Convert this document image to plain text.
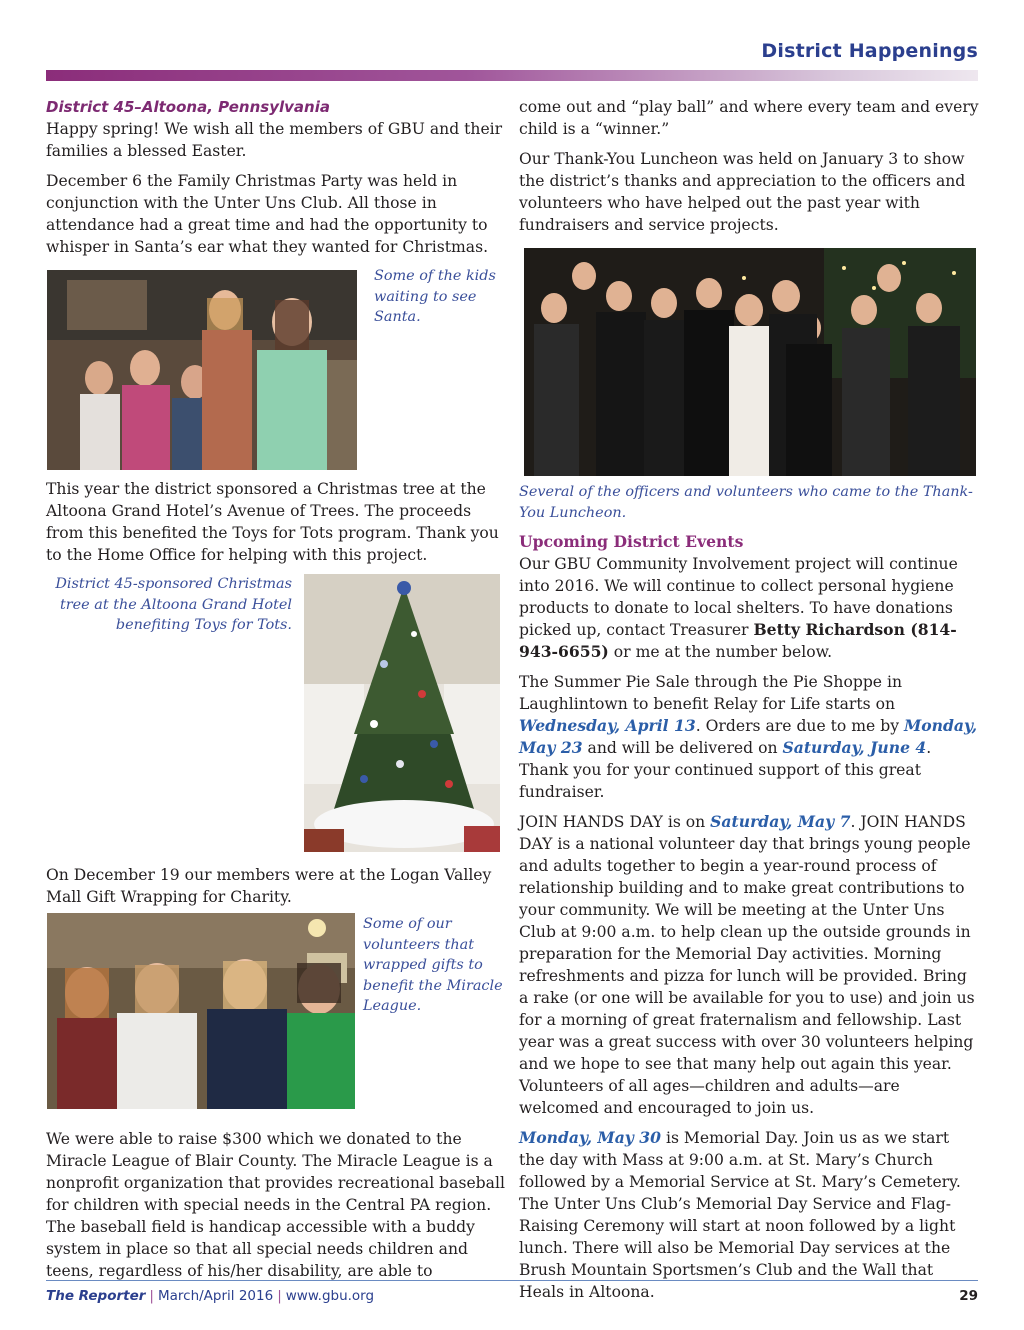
District Happenings
District 45–Altoona, Pennsylvania

Happy spring! We wish all the members of GBU and their families a blessed Easter.

December 6 the Family Christmas Party was held in conjunction with the Unter Uns Club. All those in attendance had a great time and had the opportunity to whisper in Santa’s ear what they wanted for Christmas.

Some of the kids waiting to see Santa.

This year the district sponsored a Christmas tree at the Altoona Grand Hotel’s Avenue of Trees. The proceeds from this benefited the Toys for Tots program. Thank you to the Home Office for helping with this project.

District 45-sponsored Christmas tree at the Altoona Grand Hotel benefiting Toys for Tots.

On December 19 our members were at the Logan Valley Mall Gift Wrapping for Charity.

Some of our volunteers that wrapped gifts to benefit the Miracle League.

We were able to raise $300 which we donated to the Miracle League of Blair County. The Miracle League is a nonprofit organization that provides recreational baseball for children with special needs in the Central PA region. The baseball field is handicap accessible with a buddy system in place so that all special needs children and teens, regardless of his/her disability, are able to

come out and “play ball” and where every team and every child is a “winner.”

Our Thank-You Luncheon was held on January 3 to show the district’s thanks and appreciation to the officers and volunteers who have helped out the past year with fundraisers and service projects.

Several of the officers and volunteers who came to the Thank-You Luncheon.
Upcoming District Events

Our GBU Community Involvement project will continue into 2016. We will continue to collect personal hygiene products to donate to local shelters. To have donations picked up, contact Treasurer Betty Richardson (814-943-6655) or me at the number below.

The Summer Pie Sale through the Pie Shoppe in Laughlintown to benefit Relay for Life starts on Wednesday, April 13. Orders are due to me by Monday, May 23 and will be delivered on Saturday, June 4. Thank you for your continued support of this great fundraiser.

JOIN HANDS DAY is on Saturday, May 7. JOIN HANDS DAY is a national volunteer day that brings young people and adults together to begin a year-round process of relationship building and to make great contributions to your community. We will be meeting at the Unter Uns Club at 9:00 a.m. to help clean up the outside grounds in preparation for the Memorial Day activities. Morning refreshments and pizza for lunch will be provided. Bring a rake (or one will be available for you to use) and join us for a morning of great fraternalism and fellowship. Last year was a great success with over 30 volunteers helping and we hope to see that many help out again this year. Volunteers of all ages—children and adults—are welcomed and encouraged to join us.

Monday, May 30 is Memorial Day. Join us as we start the day with Mass at 9:00 a.m. at St. Mary’s Church followed by a Memorial Service at St. Mary’s Cemetery. The Unter Uns Club’s Memorial Day Service and Flag-Raising Ceremony will start at noon followed by a light lunch. There will also be Memorial Day services at the Brush Mountain Sportsmen’s Club and the Wall that Heals in Altoona.

The Reporter | March/April 2016 | www.gbu.org	29
